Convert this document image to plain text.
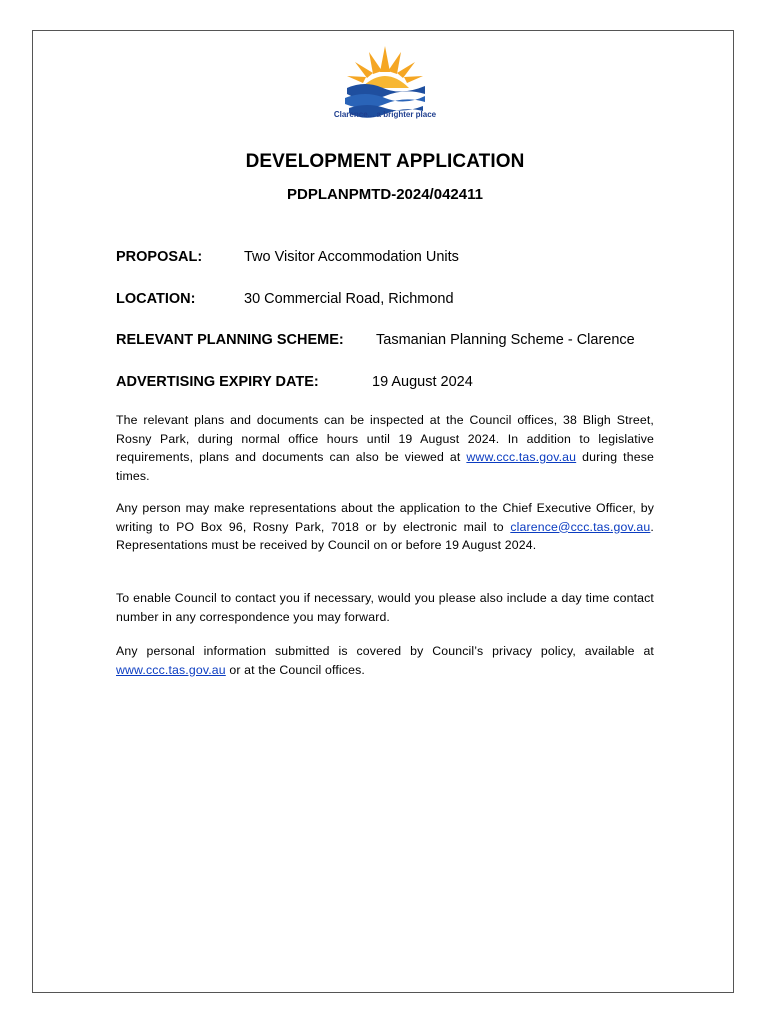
Clarence... a brighter place
DEVELOPMENT APPLICATION
PDPLANPMTD-2024/042411
PROPOSAL:	Two Visitor Accommodation Units
LOCATION:	30 Commercial Road, Richmond
RELEVANT PLANNING SCHEME: Tasmanian Planning Scheme - Clarence
ADVERTISING EXPIRY DATE:	19 August 2024
The relevant plans and documents can be inspected at the Council offices, 38 Bligh Street, Rosny Park, during normal office hours until 19 August 2024. In addition to legislative requirements, plans and documents can also be viewed at www.ccc.tas.gov.au during these times.
Any person may make representations about the application to the Chief Executive Officer, by writing to PO Box 96, Rosny Park, 7018 or by electronic mail to clarence@ccc.tas.gov.au. Representations must be received by Council on or before 19 August 2024.
To enable Council to contact you if necessary, would you please also include a day time contact number in any correspondence you may forward.
Any personal information submitted is covered by Council’s privacy policy, available at www.ccc.tas.gov.au or at the Council offices.
